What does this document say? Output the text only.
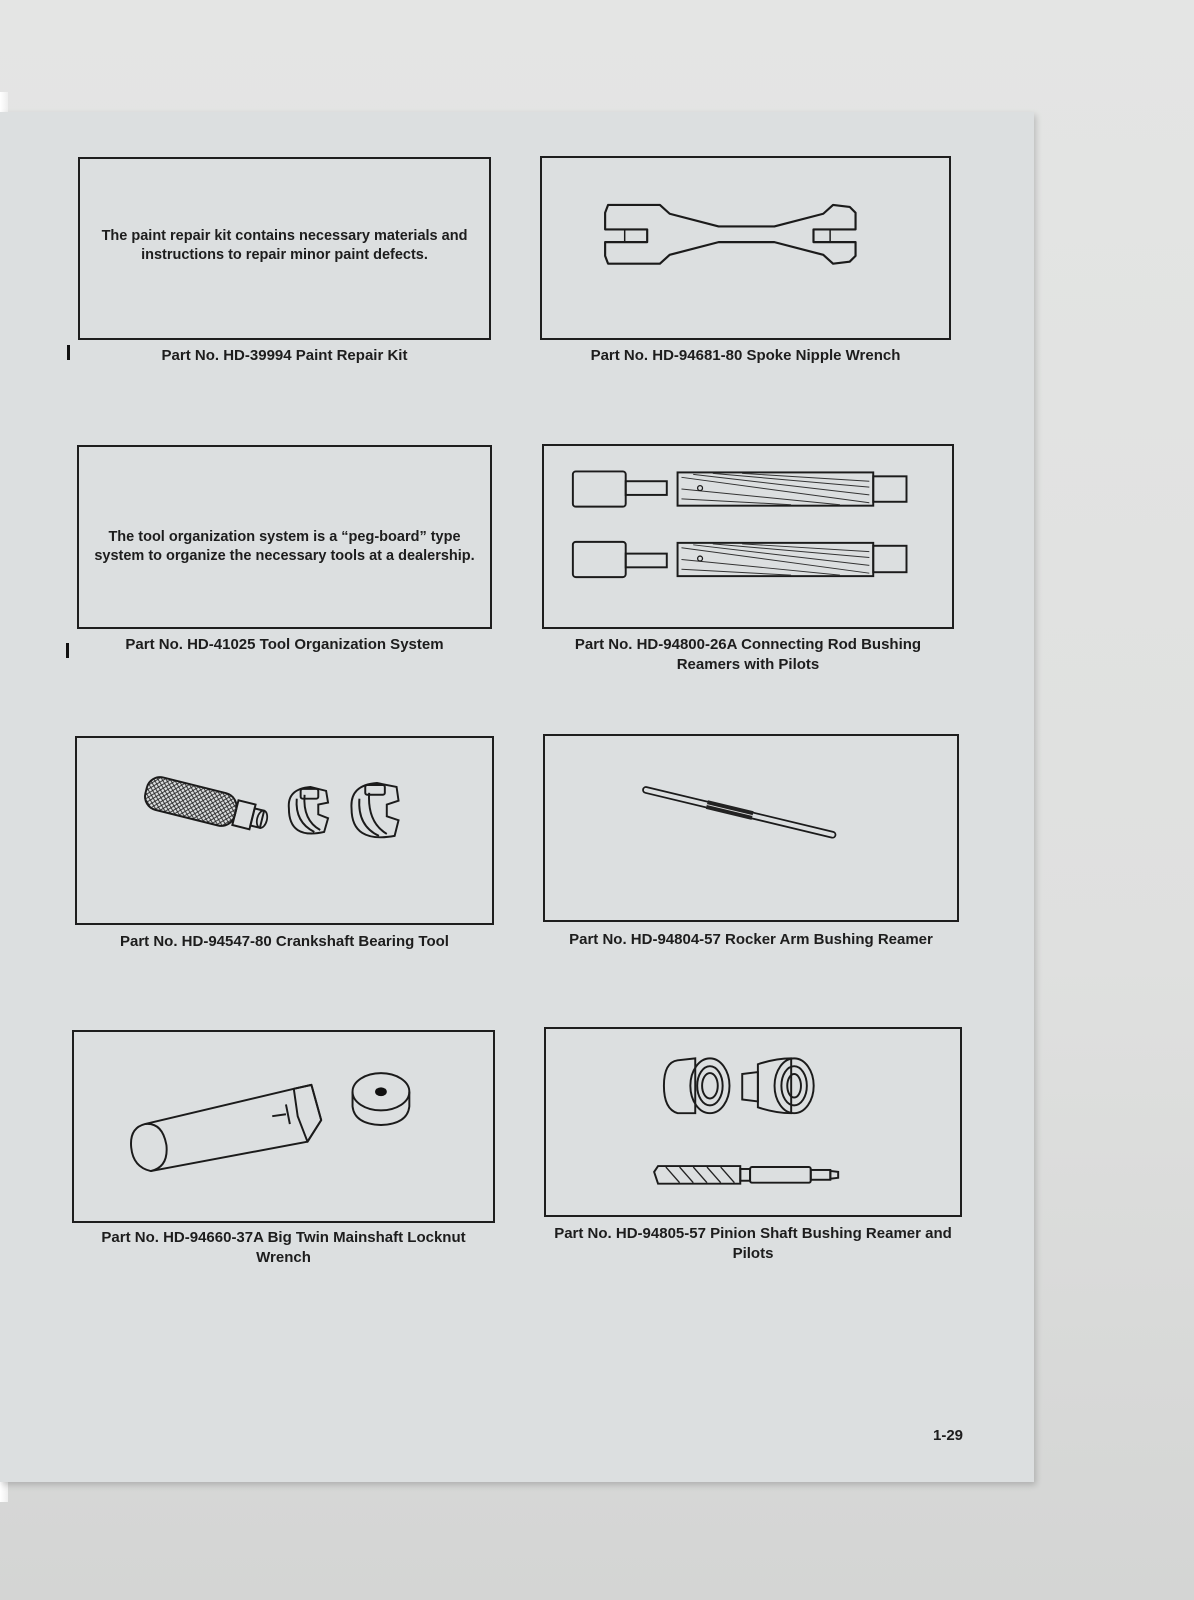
The paint repair kit contains necessary materials and instructions to repair minor paint defects.
Part No. HD-39994 Paint Repair Kit	Part No. HD-94681-80 Spoke Nipple Wrench
The tool organization system is a “peg-board” type system to organize the necessary tools at a dealership.
Part No. HD-41025 Tool Organization System	Part No. HD-94800-26A Connecting Rod Bushing Reamers with Pilots
Part No. HD-94547-80 Crankshaft Bearing Tool	Part No. HD-94804-57 Rocker Arm Bushing Reamer
Part No. HD-94660-37A Big Twin Mainshaft Locknut Wrench
Part No. HD-94805-57 Pinion Shaft Bushing Reamer and Pilots
1-29
